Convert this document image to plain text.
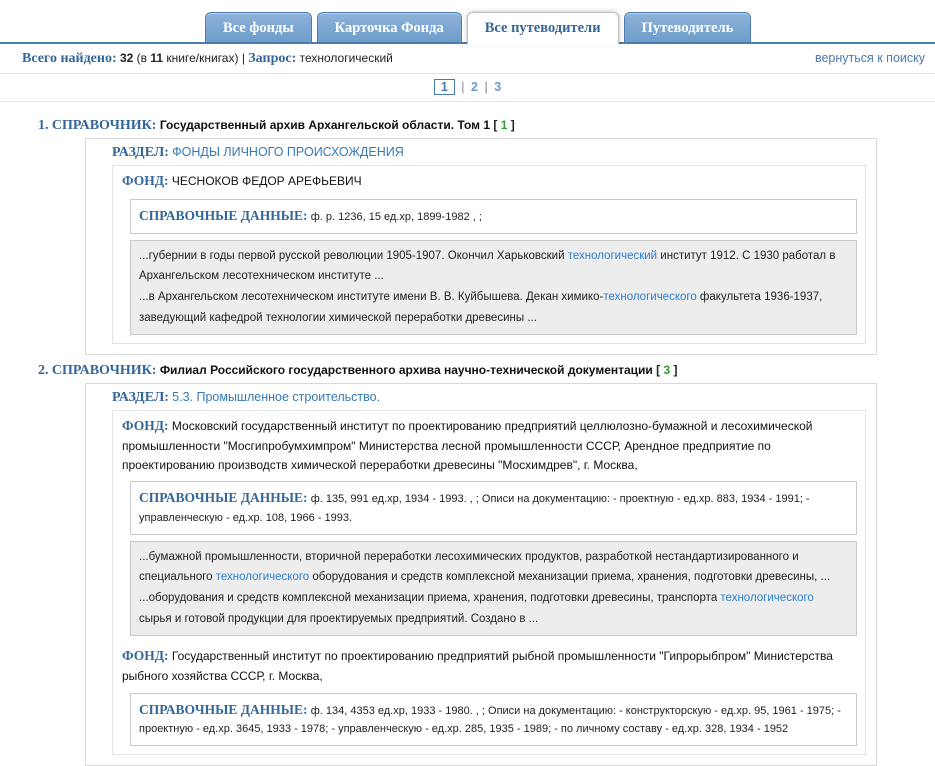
Все фонды	Карточка Фонда	Все путеводители	Путеводитель
Всего найдено: 32 (в 11 книге/книгах) | Запрос: технологический	вернуться к поиску
1 | 2 | 3
1. СПРАВОЧНИК: Государственный архив Архангельской области. Том 1 [ 1 ]
РАЗДЕЛ: ФОНДЫ ЛИЧНОГО ПРОИСХОЖДЕНИЯ
ФОНД: ЧЕСНОКОВ ФЕДОР АРЕФЬЕВИЧ
СПРАВОЧНЫЕ ДАННЫЕ: ф. р. 1236, 15 ед.хр, 1899-1982 , ;
...губернии в годы первой русской революции 1905-1907. Окончил Харьковский технологический институт 1912. С 1930 работал в Архангельском лесотехническом институте ...
...в Архангельском лесотехническом институте имени В. В. Куйбышева. Декан химико-технологического факультета 1936-1937, заведующий кафедрой технологии химической переработки древесины ...
2. СПРАВОЧНИК: Филиал Российского государственного архива научно-технической документации [ 3 ]
РАЗДЕЛ: 5.3. Промышленное строительство.
ФОНД: Московский государственный институт по проектированию предприятий целлюлозно-бумажной и лесохимической промышленности "Мосгипробумхимпром" Министерства лесной промышленности СССР, Арендное предприятие по проектированию производств химической переработки древесины "Мосхимдрев", г. Москва,
СПРАВОЧНЫЕ ДАННЫЕ: ф. 135, 991 ед.хр, 1934 - 1993. , ; Описи на документацию: - проектную - ед.хр. 883, 1934 - 1991; - управленческую - ед.хр. 108, 1966 - 1993.
...бумажной промышленности, вторичной переработки лесохимических продуктов, разработкой нестандартизированного и специального технологического оборудования и средств комплексной механизации приема, хранения, подготовки древесины, ...
...оборудования и средств комплексной механизации приема, хранения, подготовки древесины, транспорта технологического сырья и готовой продукции для проектируемых предприятий. Создано в ...
ФОНД: Государственный институт по проектированию предприятий рыбной промышленности "Гипрорыбпром" Министерства рыбного хозяйства СССР, г. Москва,
СПРАВОЧНЫЕ ДАННЫЕ: ф. 134, 4353 ед.хр, 1933 - 1980. , ; Описи на документацию: - конструкторскую - ед.хр. 95, 1961 - 1975; - проектную - ед.хр. 3645, 1933 - 1978; - управленческую - ед.хр. 285, 1935 - 1989; - по личному составу - ед.хр. 328, 1934 - 1952
